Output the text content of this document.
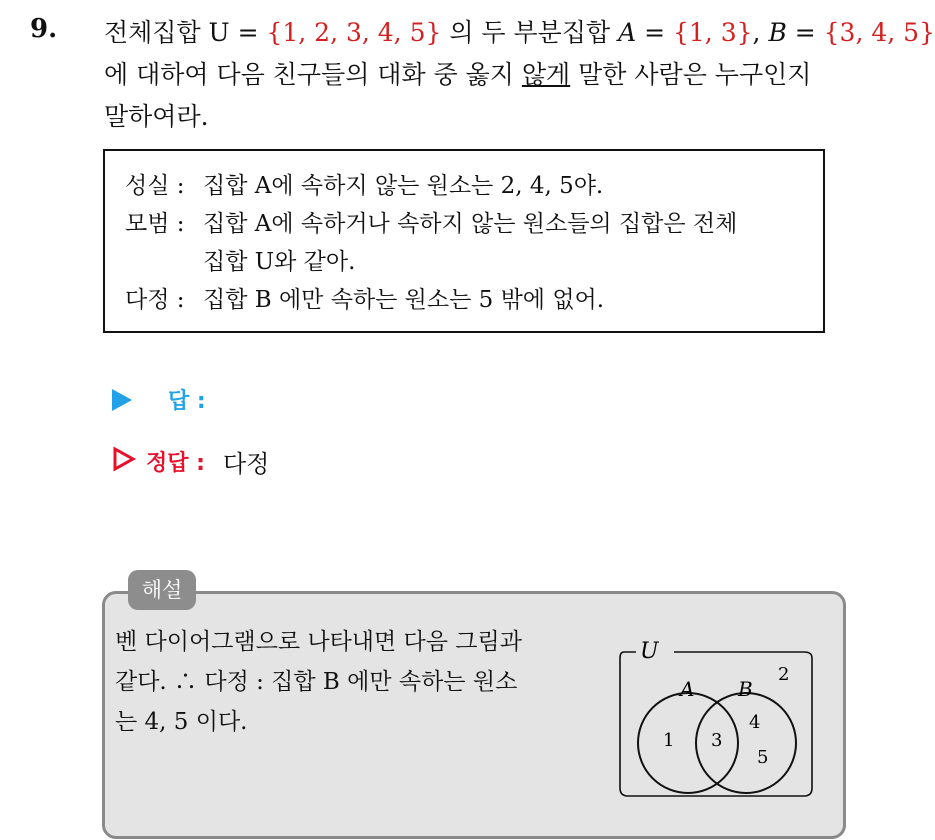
9. 전체집합 U = {1, 2, 3, 4, 5} 의 두 부분집합 A = {1, 3}, B = {3, 4, 5}
에 대하여 다음 친구들의 대화 중 옳지 않게 말한 사람은 누구인지
말하여라.
성실 : 집합 A에 속하지 않는 원소는 2, 4, 5야.
모범 : 집합 A에 속하거나 속하지 않는 원소들의 집합은 전체
집합 U와 같아.
다정 : 집합 B 에만 속하는 원소는 5 밖에 없어.
답 :
정답 : 다정
해설
벤 다이어그램으로 나타내면 다음 그림과
같다. ∴ 다정 : 집합 B 에만 속하는 원소
는 4, 5 이다.
U
A B
2
1 3
4
5
